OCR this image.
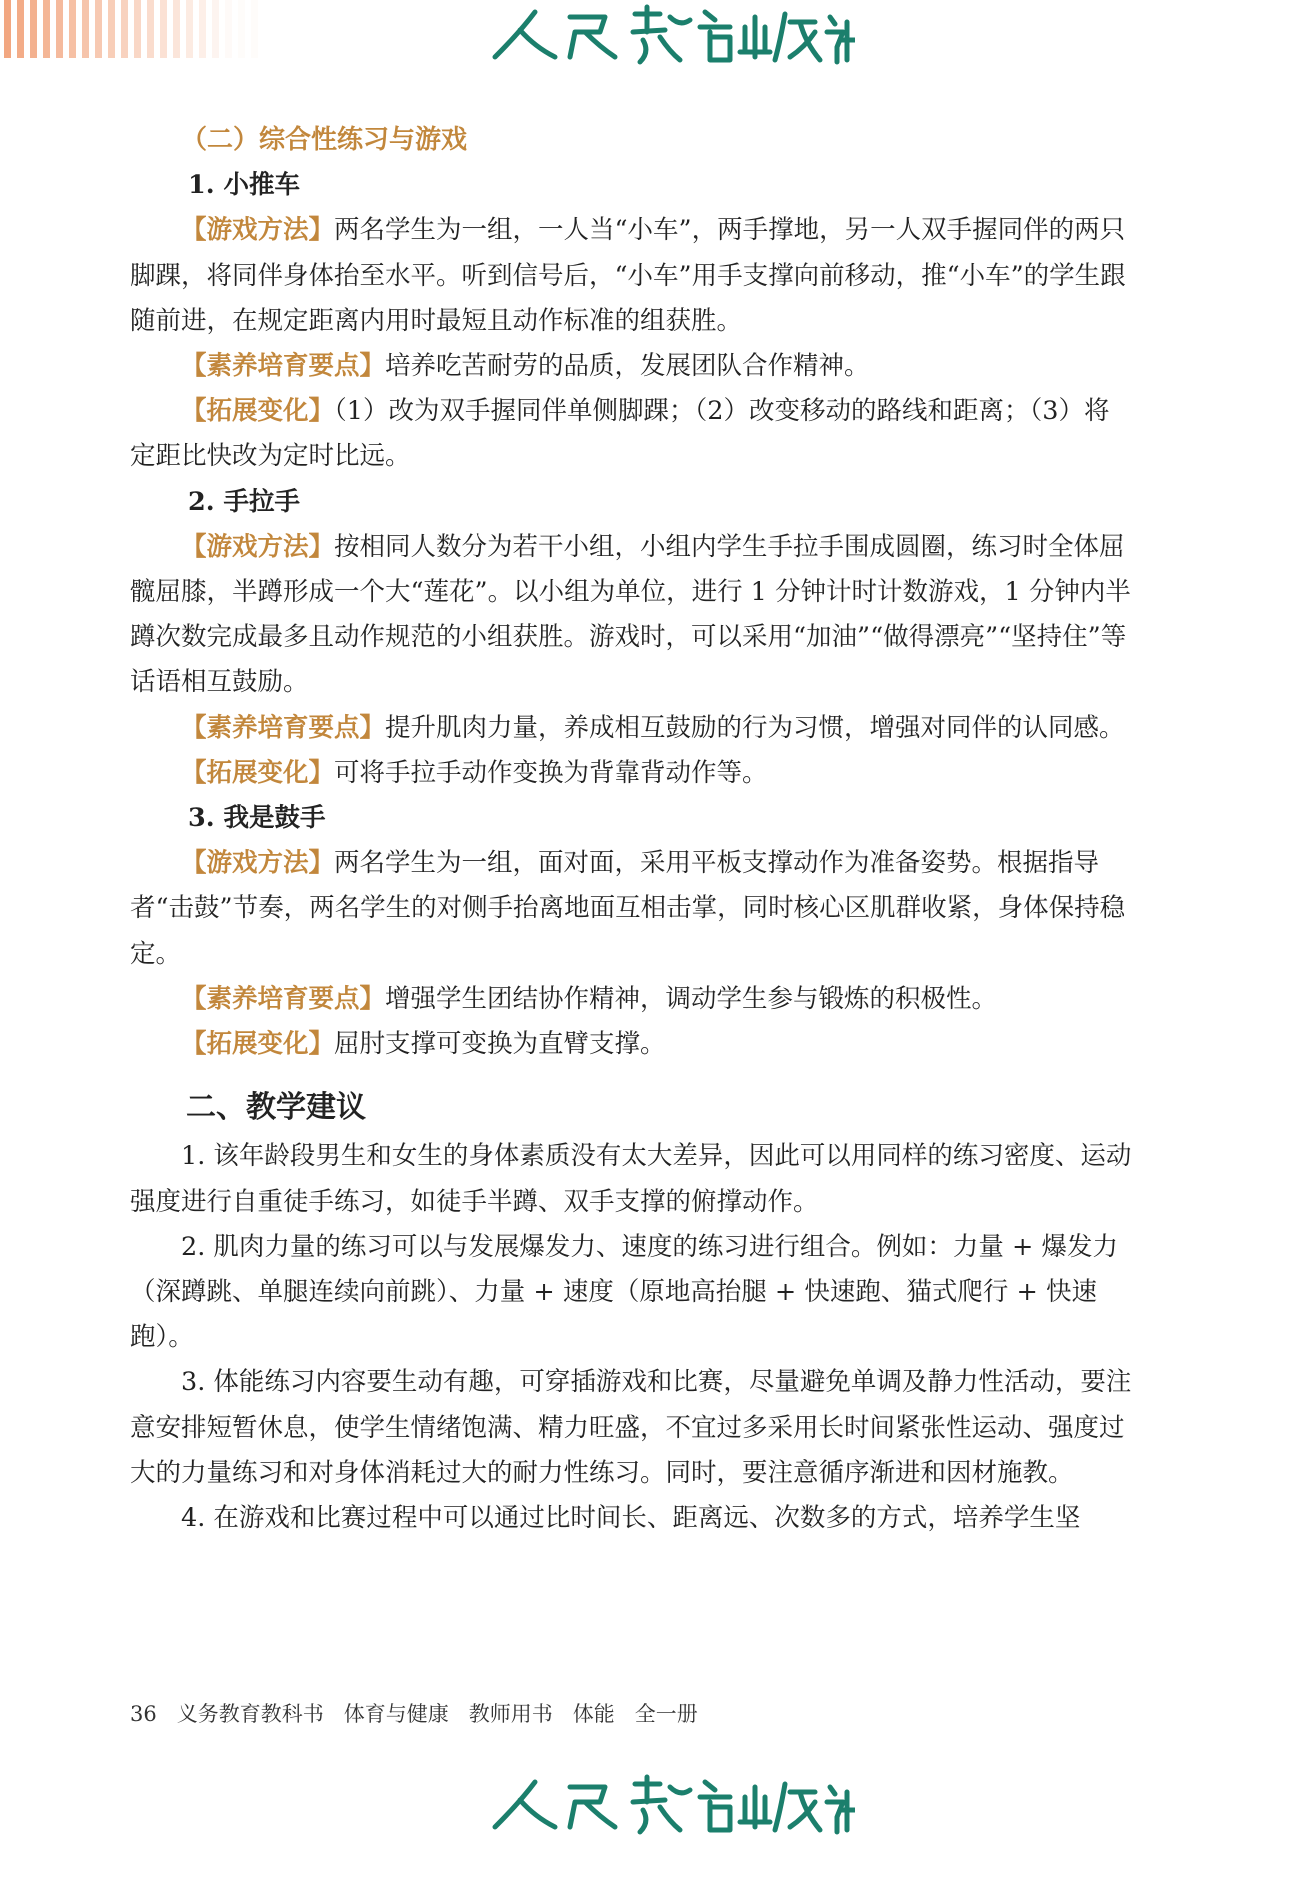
（二）综合性练习与游戏

1. 小推车

【游戏方法】两名学生为一组，一人当“小车”，两手撑地，另一人双手握同伴的两只脚踝，将同伴身体抬至水平。听到信号后，“小车”用手支撑向前移动，推“小车”的学生跟随前进，在规定距离内用时最短且动作标准的组获胜。

【素养培育要点】培养吃苦耐劳的品质，发展团队合作精神。

【拓展变化】（1）改为双手握同伴单侧脚踝；（2）改变移动的路线和距离；（3）将定距比快改为定时比远。

2. 手拉手

【游戏方法】按相同人数分为若干小组，小组内学生手拉手围成圆圈，练习时全体屈髋屈膝，半蹲形成一个大“莲花”。以小组为单位，进行 1 分钟计时计数游戏，1 分钟内半蹲次数完成最多且动作规范的小组获胜。游戏时，可以采用“加油”“做得漂亮”“坚持住”等话语相互鼓励。

【素养培育要点】提升肌肉力量，养成相互鼓励的行为习惯，增强对同伴的认同感。

【拓展变化】可将手拉手动作变换为背靠背动作等。

3. 我是鼓手

【游戏方法】两名学生为一组，面对面，采用平板支撑动作为准备姿势。根据指导者“击鼓”节奏，两名学生的对侧手抬离地面互相击掌，同时核心区肌群收紧，身体保持稳定。

【素养培育要点】增强学生团结协作精神，调动学生参与锻炼的积极性。

【拓展变化】屈肘支撑可变换为直臂支撑。

二、教学建议

1. 该年龄段男生和女生的身体素质没有太大差异，因此可以用同样的练习密度、运动强度进行自重徒手练习，如徒手半蹲、双手支撑的俯撑动作。

2. 肌肉力量的练习可以与发展爆发力、速度的练习进行组合。例如：力量 + 爆发力（深蹲跳、单腿连续向前跳）、力量 + 速度（原地高抬腿 + 快速跑、猫式爬行 + 快速跑）。

3. 体能练习内容要生动有趣，可穿插游戏和比赛，尽量避免单调及静力性活动，要注意安排短暂休息，使学生情绪饱满、精力旺盛，不宜过多采用长时间紧张性运动、强度过大的力量练习和对身体消耗过大的耐力性练习。同时，要注意循序渐进和因材施教。

4. 在游戏和比赛过程中可以通过比时间长、距离远、次数多的方式，培养学生坚

36 义务教育教科书 体育与健康 教师用书 体能 全一册
